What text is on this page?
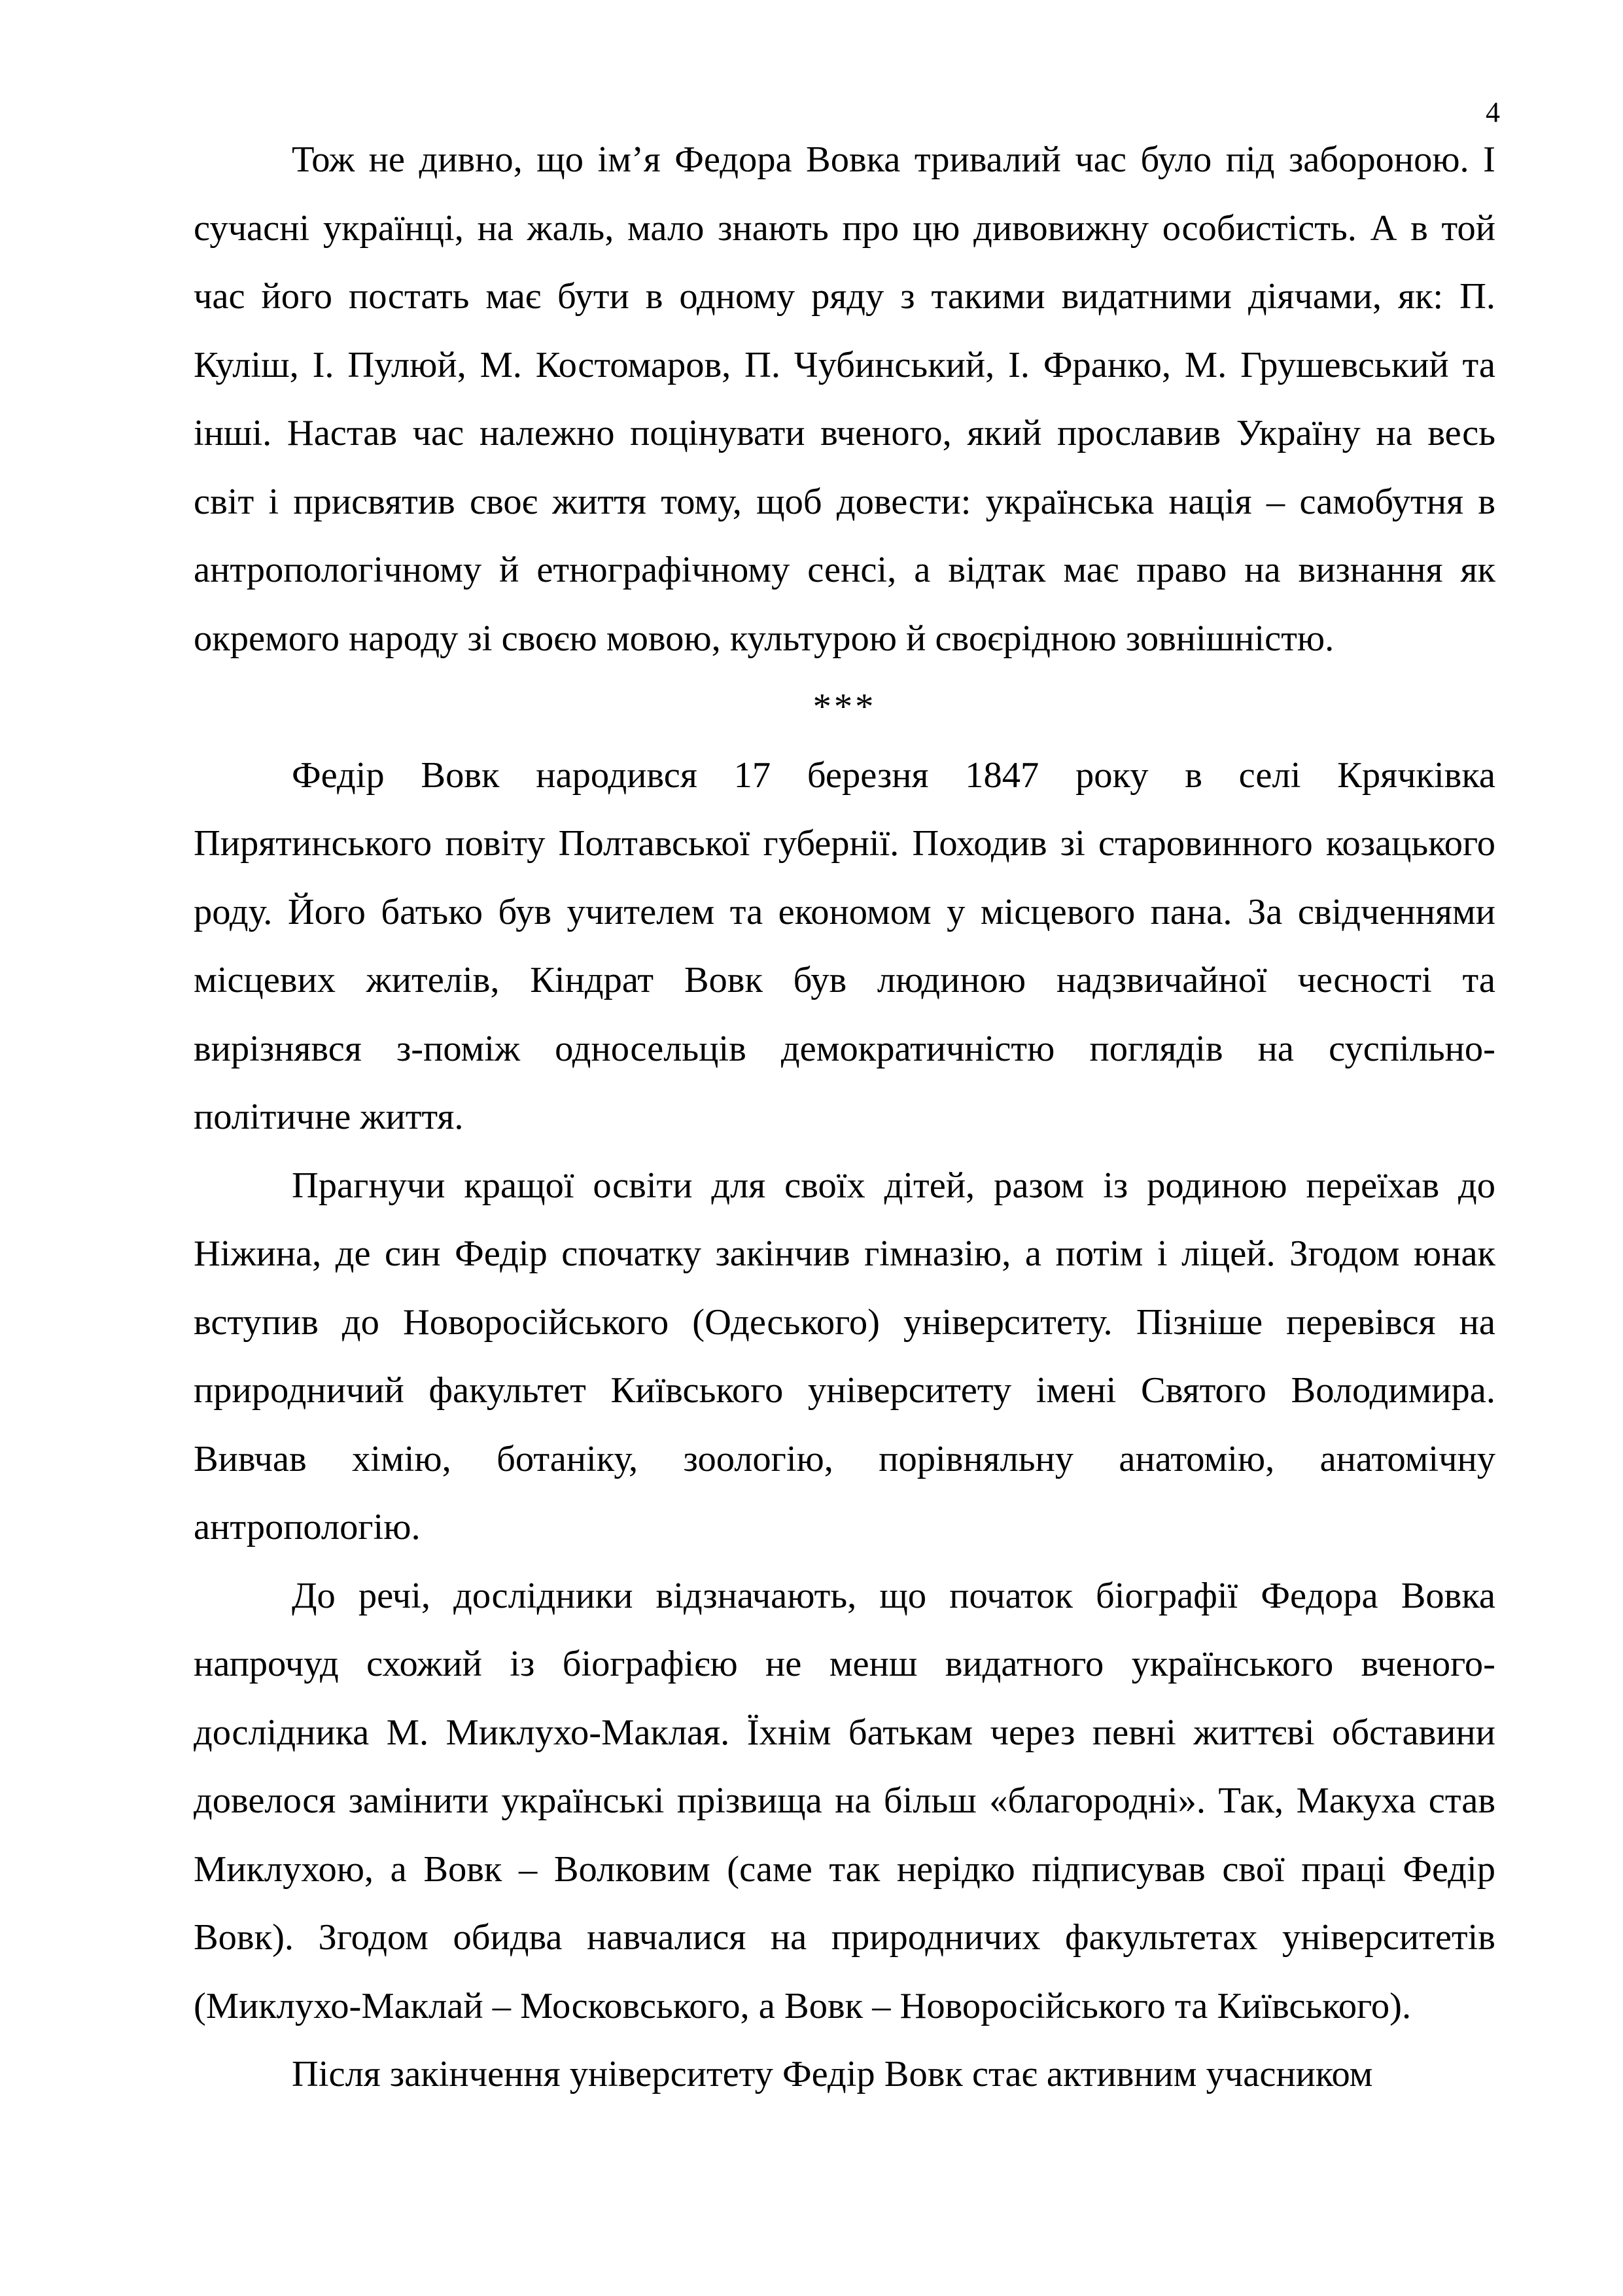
4

Тож не дивно, що ім’я Федора Вовка тривалий час було під забороною. І сучасні українці, на жаль, мало знають про цю дивовижну особистість. А в той час його постать має бути в одному ряду з такими видатними діячами, як: П. Куліш, І. Пулюй, М. Костомаров, П. Чубинський, І. Франко, М. Грушевський та інші. Настав час належно поцінувати вченого, який прославив Україну на весь світ і присвятив своє життя тому, щоб довести: українська нація – самобутня в антропологічному й етнографічному сенсі, а відтак має право на визнання як окремого народу зі своєю мовою, культурою й своєрідною зовнішністю.

***

Федір Вовк народився 17 березня 1847 року в селі Крячківка Пирятинського повіту Полтавської губернії. Походив зі старовинного козацького роду. Його батько був учителем та економом у місцевого пана. За свідченнями місцевих жителів, Кіндрат Вовк був людиною надзвичайної чесності та вирізнявся з-поміж односельців демократичністю поглядів на суспільно-політичне життя.

Прагнучи кращої освіти для своїх дітей, разом із родиною переїхав до Ніжина, де син Федір спочатку закінчив гімназію, а потім і ліцей. Згодом юнак вступив до Новоросійського (Одеського) університету. Пізніше перевівся на природничий факультет Київського університету імені Святого Володимира. Вивчав хімію, ботаніку, зоологію, порівняльну анатомію, анатомічну антропологію.

До речі, дослідники відзначають, що початок біографії Федора Вовка напрочуд схожий із біографією не менш видатного українського вченого-дослідника М. Миклухо-Маклая. Їхнім батькам через певні життєві обставини довелося замінити українські прізвища на більш «благородні». Так, Макуха став Миклухою, а Вовк – Волковим (саме так нерідко підписував свої праці Федір Вовк). Згодом обидва навчалися на природничих факультетах університетів (Миклухо-Маклай – Московського, а Вовк – Новоросійського та Київського).

Після закінчення університету Федір Вовк стає активним учасником
